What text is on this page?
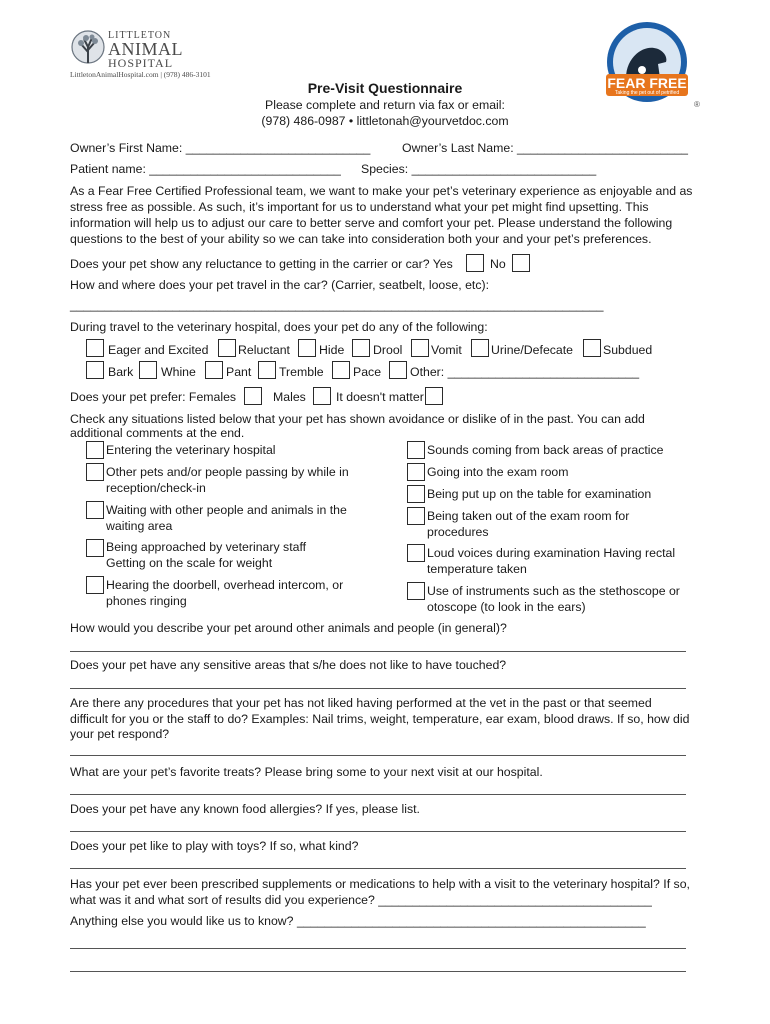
LITTLETON
ANIMAL
HOSPITAL
LittletonAnimalHospital.com | (978) 486-3101
Pre-Visit Questionnaire
Please complete and return via fax or email:
(978) 486-0987 • littletonah@yourvetdoc.com
FEAR FREE
Taking the pet out of petrified
®
Owner’s First Name: ___________________________	Owner’s Last Name: _________________________
Patient name: ____________________________ Species: ___________________________
As a Fear Free Certified Professional team, we want to make your pet’s veterinary experience as enjoyable and as stress free as possible. As such, it’s important for us to understand what your pet might find upsetting. This information will help us to adjust our care to better serve and comfort your pet. Please understand the following questions to the best of your ability so we can take into consideration both your and your pet’s preferences.
Does your pet show any reluctance to getting in the carrier or car? Yes	No
How and where does your pet travel in the car? (Carrier, seatbelt, loose, etc):
______________________________________________________________________________
During travel to the veterinary hospital, does your pet do any of the following:
Eager and Excited Reluctant Hide Drool Vomit Urine/Defecate Subdued
Bark Whine Pant Tremble Pace Other: ____________________________
Does your pet prefer: Females	Males It doesn't matter
Check any situations listed below that your pet has shown avoidance or dislike of in the past. You can add additional comments at the end.
Entering the veterinary hospital
Other pets and/or people passing by while in reception/check-in
Waiting with other people and animals in the waiting area
Being approached by veterinary staff Getting on the scale for weight
Hearing the doorbell, overhead intercom, or phones ringing
Sounds coming from back areas of practice
Going into the exam room
Being put up on the table for examination
Being taken out of the exam room for procedures
Loud voices during examination Having rectal temperature taken
Use of instruments such as the stethoscope or otoscope (to look in the ears)
How would you describe your pet around other animals and people (in general)?
Does your pet have any sensitive areas that s/he does not like to have touched?
Are there any procedures that your pet has not liked having performed at the vet in the past or that seemed difficult for you or the staff to do? Examples: Nail trims, weight, temperature, ear exam, blood draws. If so, how did your pet respond?
What are your pet’s favorite treats? Please bring some to your next visit at our hospital.
Does your pet have any known food allergies? If yes, please list.
Does your pet like to play with toys? If so, what kind?
Has your pet ever been prescribed supplements or medications to help with a visit to the veterinary hospital? If so, what was it and what sort of results did you experience? ________________________________________
Anything else you would like us to know? ___________________________________________________
